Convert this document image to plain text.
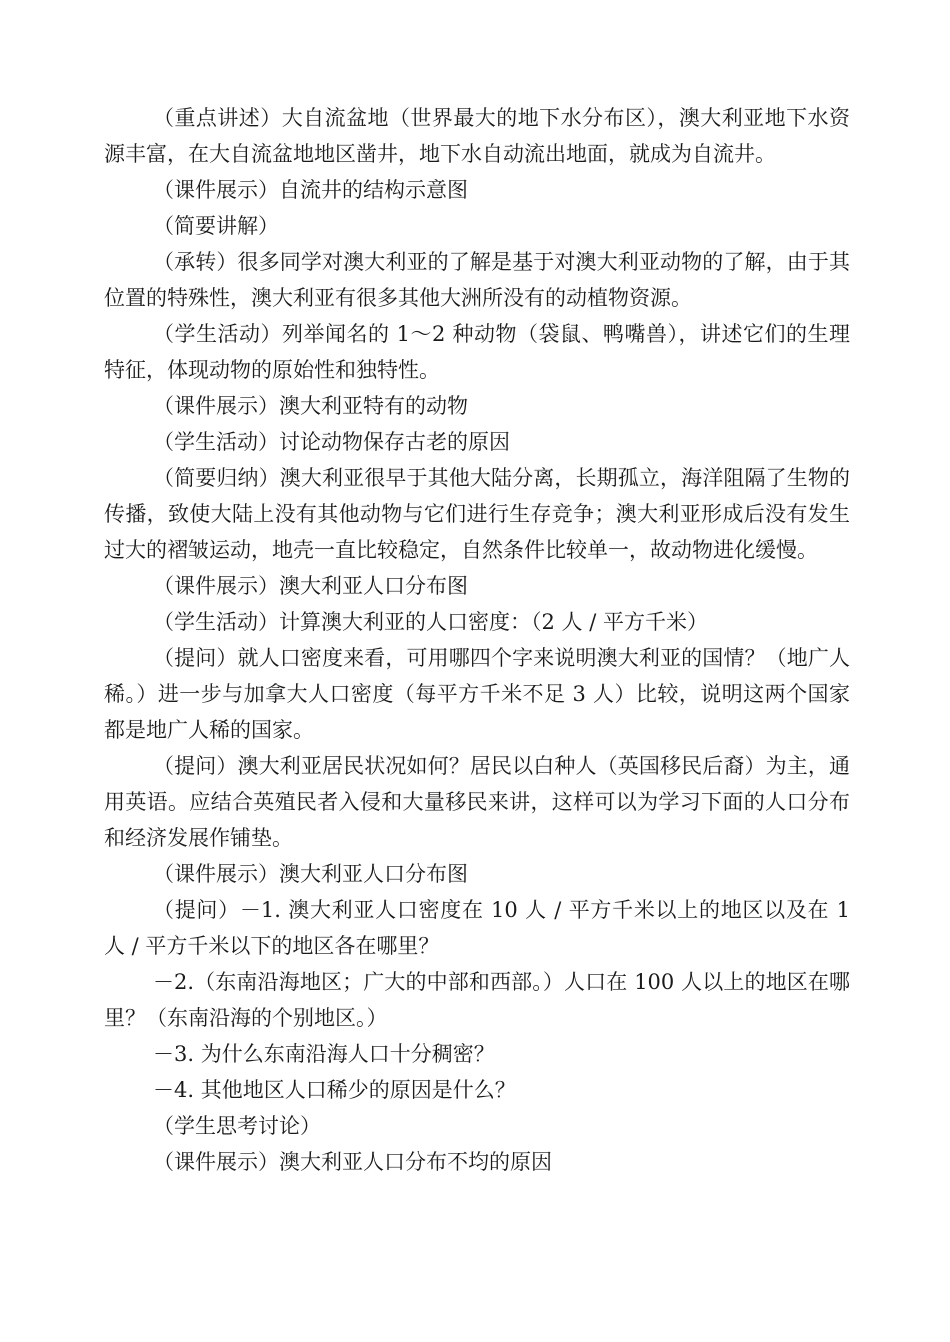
（重点讲述）大自流盆地（世界最大的地下水分布区），澳大利亚地下水资源丰富，在大自流盆地地区凿井，地下水自动流出地面，就成为自流井。

（课件展示）自流井的结构示意图

（简要讲解）

（承转）很多同学对澳大利亚的了解是基于对澳大利亚动物的了解，由于其位置的特殊性，澳大利亚有很多其他大洲所没有的动植物资源。

（学生活动）列举闻名的 1～2 种动物（袋鼠、鸭嘴兽），讲述它们的生理特征，体现动物的原始性和独特性。

（课件展示）澳大利亚特有的动物

（学生活动）讨论动物保存古老的原因

（简要归纳）澳大利亚很早于其他大陆分离，长期孤立，海洋阻隔了生物的传播，致使大陆上没有其他动物与它们进行生存竞争；澳大利亚形成后没有发生过大的褶皱运动，地壳一直比较稳定，自然条件比较单一，故动物进化缓慢。

（课件展示）澳大利亚人口分布图

（学生活动）计算澳大利亚的人口密度：（2 人 / 平方千米）

（提问）就人口密度来看，可用哪四个字来说明澳大利亚的国情？（地广人稀。）进一步与加拿大人口密度（每平方千米不足 3 人）比较，说明这两个国家都是地广人稀的国家。

（提问）澳大利亚居民状况如何？居民以白种人（英国移民后裔）为主，通用英语。应结合英殖民者入侵和大量移民来讲，这样可以为学习下面的人口分布和经济发展作铺垫。

（课件展示）澳大利亚人口分布图

（提问）－1. 澳大利亚人口密度在 10 人 / 平方千米以上的地区以及在 1 人 / 平方千米以下的地区各在哪里？

－2.（东南沿海地区；广大的中部和西部。）人口在 100 人以上的地区在哪里？（东南沿海的个别地区。）

－3. 为什么东南沿海人口十分稠密？

－4. 其他地区人口稀少的原因是什么？

（学生思考讨论）

（课件展示）澳大利亚人口分布不均的原因
